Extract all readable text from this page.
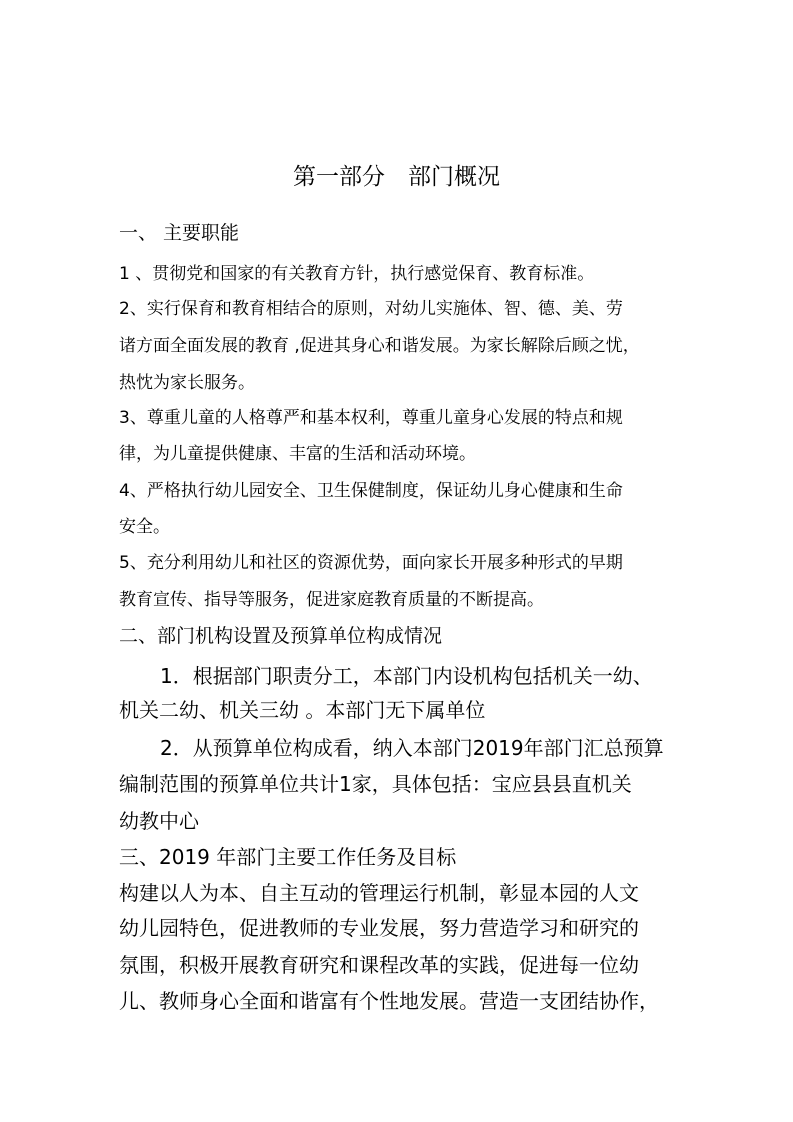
第一部分　部门概况
一、 主要职能
1 、贯彻党和国家的有关教育方针，执行感觉保育、教育标准。
2、实行保育和教育相结合的原则，对幼儿实施体、智、德、美、劳
诸方面全面发展的教育 ,促进其身心和谐发展。为家长解除后顾之忧，
热忱为家长服务。
3、尊重儿童的人格尊严和基本权利，尊重儿童身心发展的特点和规
律，为儿童提供健康、丰富的生活和活动环境。
4、严格执行幼儿园安全、卫生保健制度，保证幼儿身心健康和生命
安全。
5、充分利用幼儿和社区的资源优势，面向家长开展多种形式的早期
教育宣传、指导等服务，促进家庭教育质量的不断提高。
二、部门机构设置及预算单位构成情况
1．根据部门职责分工，本部门内设机构包括机关一幼、
机关二幼、机关三幼 。本部门无下属单位
2．从预算单位构成看，纳入本部门2019年部门汇总预算
编制范围的预算单位共计1家，具体包括：宝应县县直机关
幼教中心
三、2019 年部门主要工作任务及目标
构建以人为本、自主互动的管理运行机制，彰显本园的人文
幼儿园特色，促进教师的专业发展，努力营造学习和研究的
氛围，积极开展教育研究和课程改革的实践，促进每一位幼
儿、教师身心全面和谐富有个性地发展。营造一支团结协作，
